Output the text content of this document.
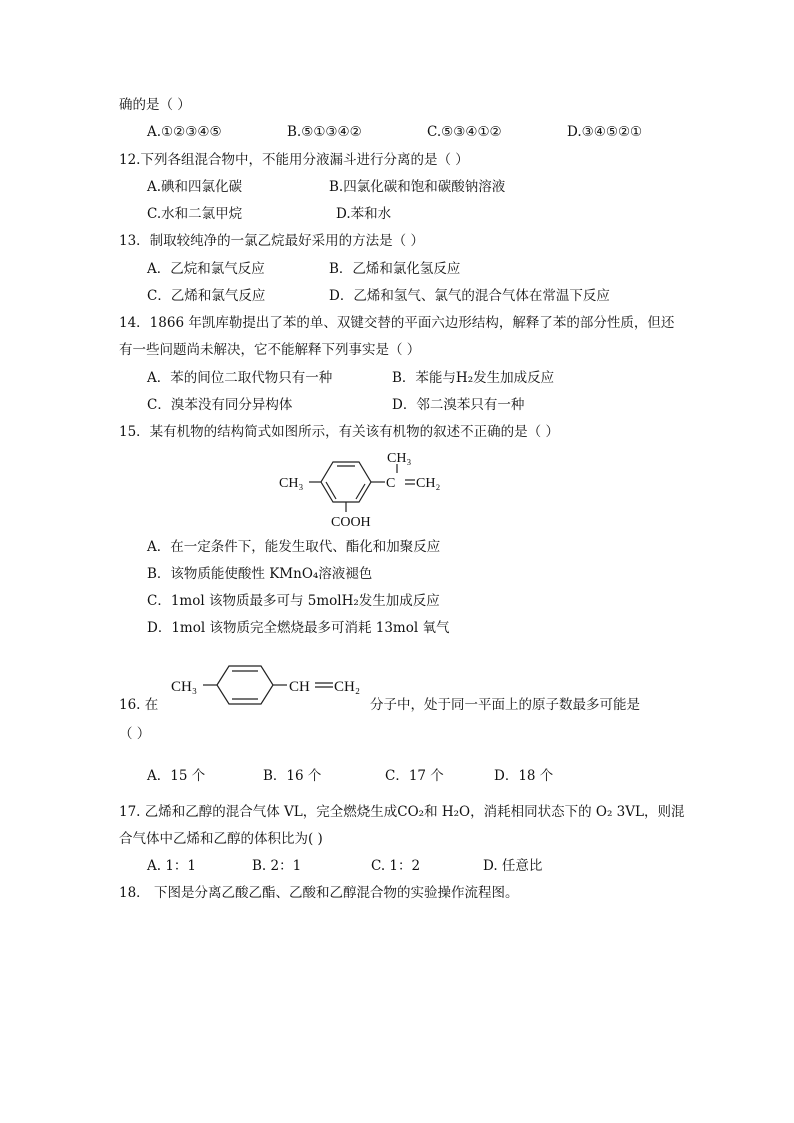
确的是（ ）
A.①②③④⑤	B.⑤①③④②	C.⑤③④①②	D.③④⑤②①
12.下列各组混合物中，不能用分液漏斗进行分离的是（ ）
A.碘和四氯化碳	B.四氯化碳和饱和碳酸钠溶液
C.水和二氯甲烷	D.苯和水
13．制取较纯净的一氯乙烷最好采用的方法是（ ）
A．乙烷和氯气反应	B．乙烯和氯化氢反应
C．乙烯和氯气反应	D．乙烯和氢气、氯气的混合气体在常温下反应
14．1866 年凯库勒提出了苯的单、双键交替的平面六边形结构，解释了苯的部分性质，但还
有一些问题尚未解决，它不能解释下列事实是（ ）
A．苯的间位二取代物只有一种	B．苯能与H₂发生加成反应
C．溴苯没有同分异构体	D．邻二溴苯只有一种
15．某有机物的结构简式如图所示，有关该有机物的叙述不正确的是（ ）
CH₃
CH₃
C CH₂
COOH
A．在一定条件下，能发生取代、酯化和加聚反应
B．该物质能使酸性 KMnO₄溶液褪色
C．1mol 该物质最多可与 5molH₂发生加成反应
D．1mol 该物质完全燃烧最多可消耗 13mol 氧气
CH₃	CH CH₂
16. 在	分子中，处于同一平面上的原子数最多可能是
（ ）
A．15 个	B．16 个	C．17 个	D．18 个
17. 乙烯和乙醇的混合气体 VL，完全燃烧生成CO₂和 H₂O，消耗相同状态下的 O₂ 3VL，则混
合气体中乙烯和乙醇的体积比为( )
A. 1：1	B. 2：1	C. 1：2	D. 任意比
18． 下图是分离乙酸乙酯、乙酸和乙醇混合物的实验操作流程图。
